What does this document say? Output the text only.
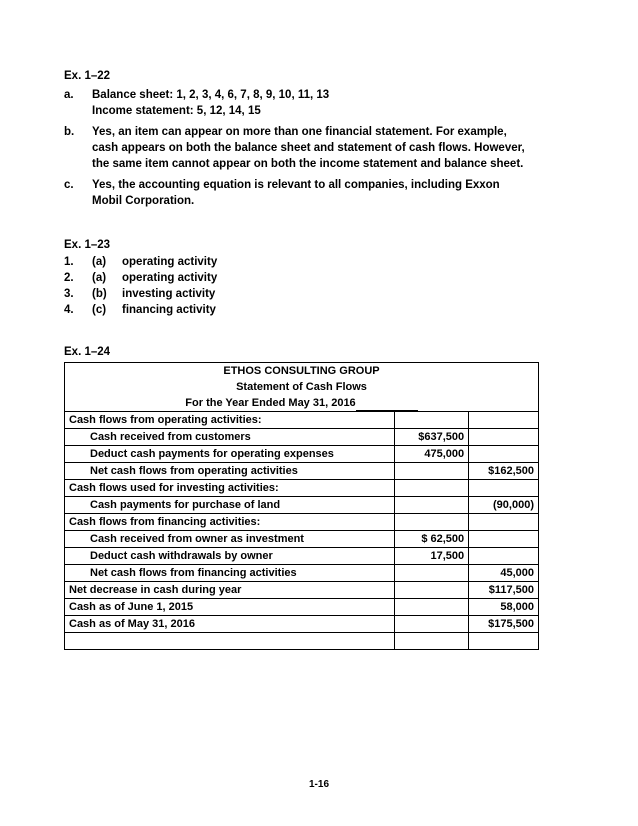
Ex. 1–22
a. Balance sheet: 1, 2, 3, 4, 6, 7, 8, 9, 10, 11, 13
Income statement: 5, 12, 14, 15
b. Yes, an item can appear on more than one financial statement. For example,
cash appears on both the balance sheet and statement of cash flows. However,
the same item cannot appear on both the income statement and balance sheet.
c. Yes, the accounting equation is relevant to all companies, including Exxon
Mobil Corporation.
Ex. 1–23
1. (a) operating activity
2. (a) operating activity
3. (b) investing activity
4. (c) financing activity
Ex. 1–24
ETHOS CONSULTING GROUP		
Statement of Cash Flows		
For the Year Ended May 31, 2016		
Cash flows from operating activities:		
Cash received from customers	$637,500	
Deduct cash payments for operating expenses	475,000	
Net cash flows from operating activities		$162,500
Cash flows used for investing activities:		
Cash payments for purchase of land		(90,000)
Cash flows from financing activities:		
Cash received from owner as investment	$ 62,500	
Deduct cash withdrawals by owner	17,500	
Net cash flows from financing activities		45,000
Net decrease in cash during year		$117,500
Cash as of June 1, 2015		58,000
Cash as of May 31, 2016		$175,500

1-16
